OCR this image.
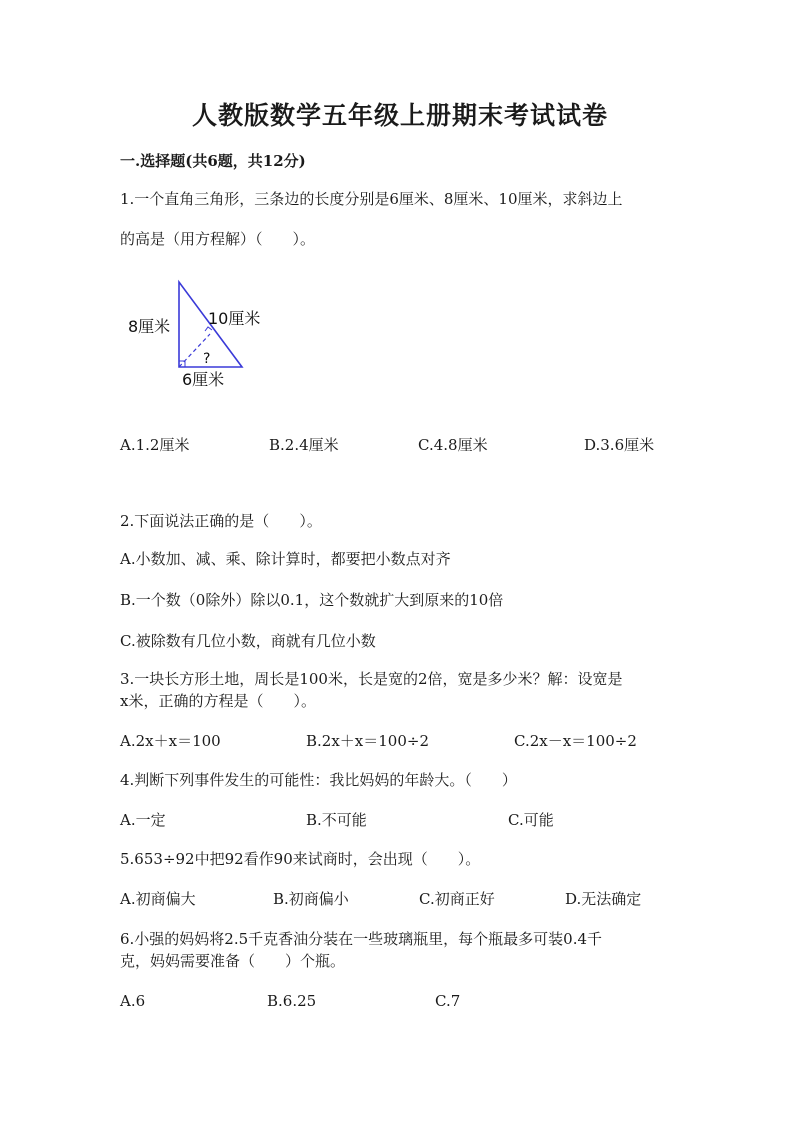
人教版数学五年级上册期末考试试卷
一.选择题(共6题，共12分)
1.一个直角三角形，三条边的长度分别是6厘米、8厘米、10厘米，求斜边上
的高是（用方程解）（　　）。
8厘米 10厘米
6厘米
?
A.1.2厘米	B.2.4厘米	C.4.8厘米	D.3.6厘米
2.下面说法正确的是（　　）。
A.小数加、减、乘、除计算时，都要把小数点对齐
B.一个数（0除外）除以0.1，这个数就扩大到原来的10倍
C.被除数有几位小数，商就有几位小数
3.一块长方形土地，周长是100米，长是宽的2倍，宽是多少米？解：设宽是
x米，正确的方程是（　　）。
A.2x＋x＝100	B.2x＋x＝100÷2	C.2x－x＝100÷2
4.判断下列事件发生的可能性：我比妈妈的年龄大。（　　）
A.一定	B.不可能	C.可能
5.653÷92中把92看作90来试商时，会出现（　　）。
A.初商偏大	B.初商偏小	C.初商正好	D.无法确定
6.小强的妈妈将2.5千克香油分装在一些玻璃瓶里，每个瓶最多可装0.4千
克，妈妈需要准备（　　）个瓶。
A.6	B.6.25	C.7
